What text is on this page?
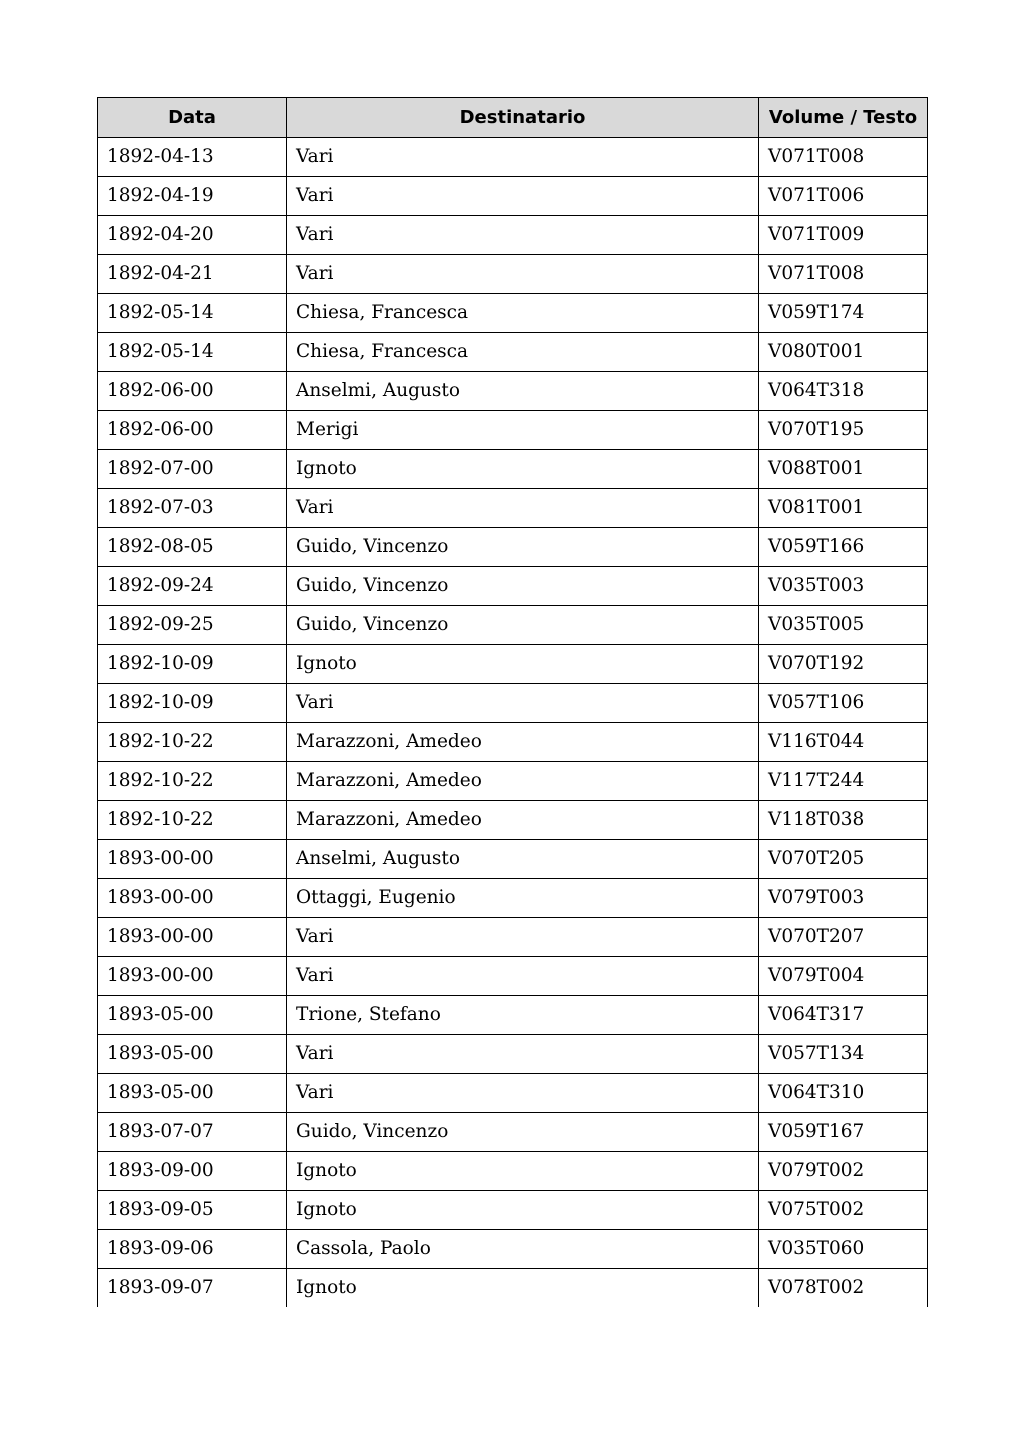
Data	Destinatario	Volume / Testo
1892-04-13	Vari	V071T008
1892-04-19	Vari	V071T006
1892-04-20	Vari	V071T009
1892-04-21	Vari	V071T008
1892-05-14	Chiesa, Francesca	V059T174
1892-05-14	Chiesa, Francesca	V080T001
1892-06-00	Anselmi, Augusto	V064T318
1892-06-00	Merigi	V070T195
1892-07-00	Ignoto	V088T001
1892-07-03	Vari	V081T001
1892-08-05	Guido, Vincenzo	V059T166
1892-09-24	Guido, Vincenzo	V035T003
1892-09-25	Guido, Vincenzo	V035T005
1892-10-09	Ignoto	V070T192
1892-10-09	Vari	V057T106
1892-10-22	Marazzoni, Amedeo	V116T044
1892-10-22	Marazzoni, Amedeo	V117T244
1892-10-22	Marazzoni, Amedeo	V118T038
1893-00-00	Anselmi, Augusto	V070T205
1893-00-00	Ottaggi, Eugenio	V079T003
1893-00-00	Vari	V070T207
1893-00-00	Vari	V079T004
1893-05-00	Trione, Stefano	V064T317
1893-05-00	Vari	V057T134
1893-05-00	Vari	V064T310
1893-07-07	Guido, Vincenzo	V059T167
1893-09-00	Ignoto	V079T002
1893-09-05	Ignoto	V075T002
1893-09-06	Cassola, Paolo	V035T060
1893-09-07	Ignoto	V078T002
